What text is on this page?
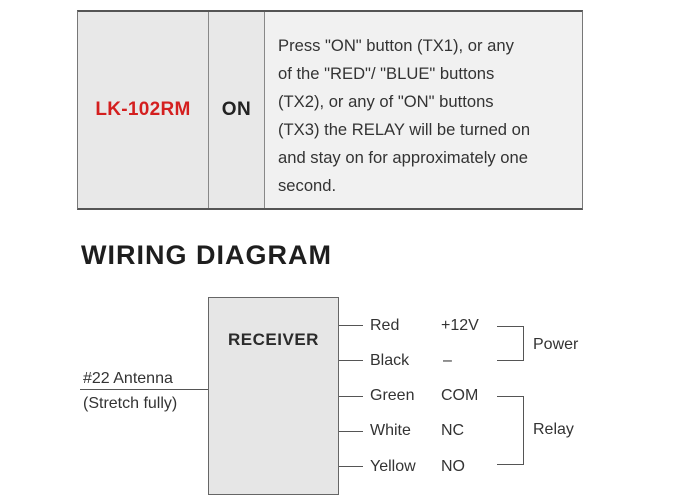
LK-102RM ON

Press "ON" button (TX1), or any
of the "RED"/ "BLUE" buttons
(TX2), or any of "ON" buttons
(TX3) the RELAY will be turned on
and stay on for approximately one
second.

WIRING DIAGRAM
RECEIVER
#22 Antenna
(Stretch fully)
Red
Black
Green
White
Yellow
+12V
–
COM
NC
NO
Power
Relay
